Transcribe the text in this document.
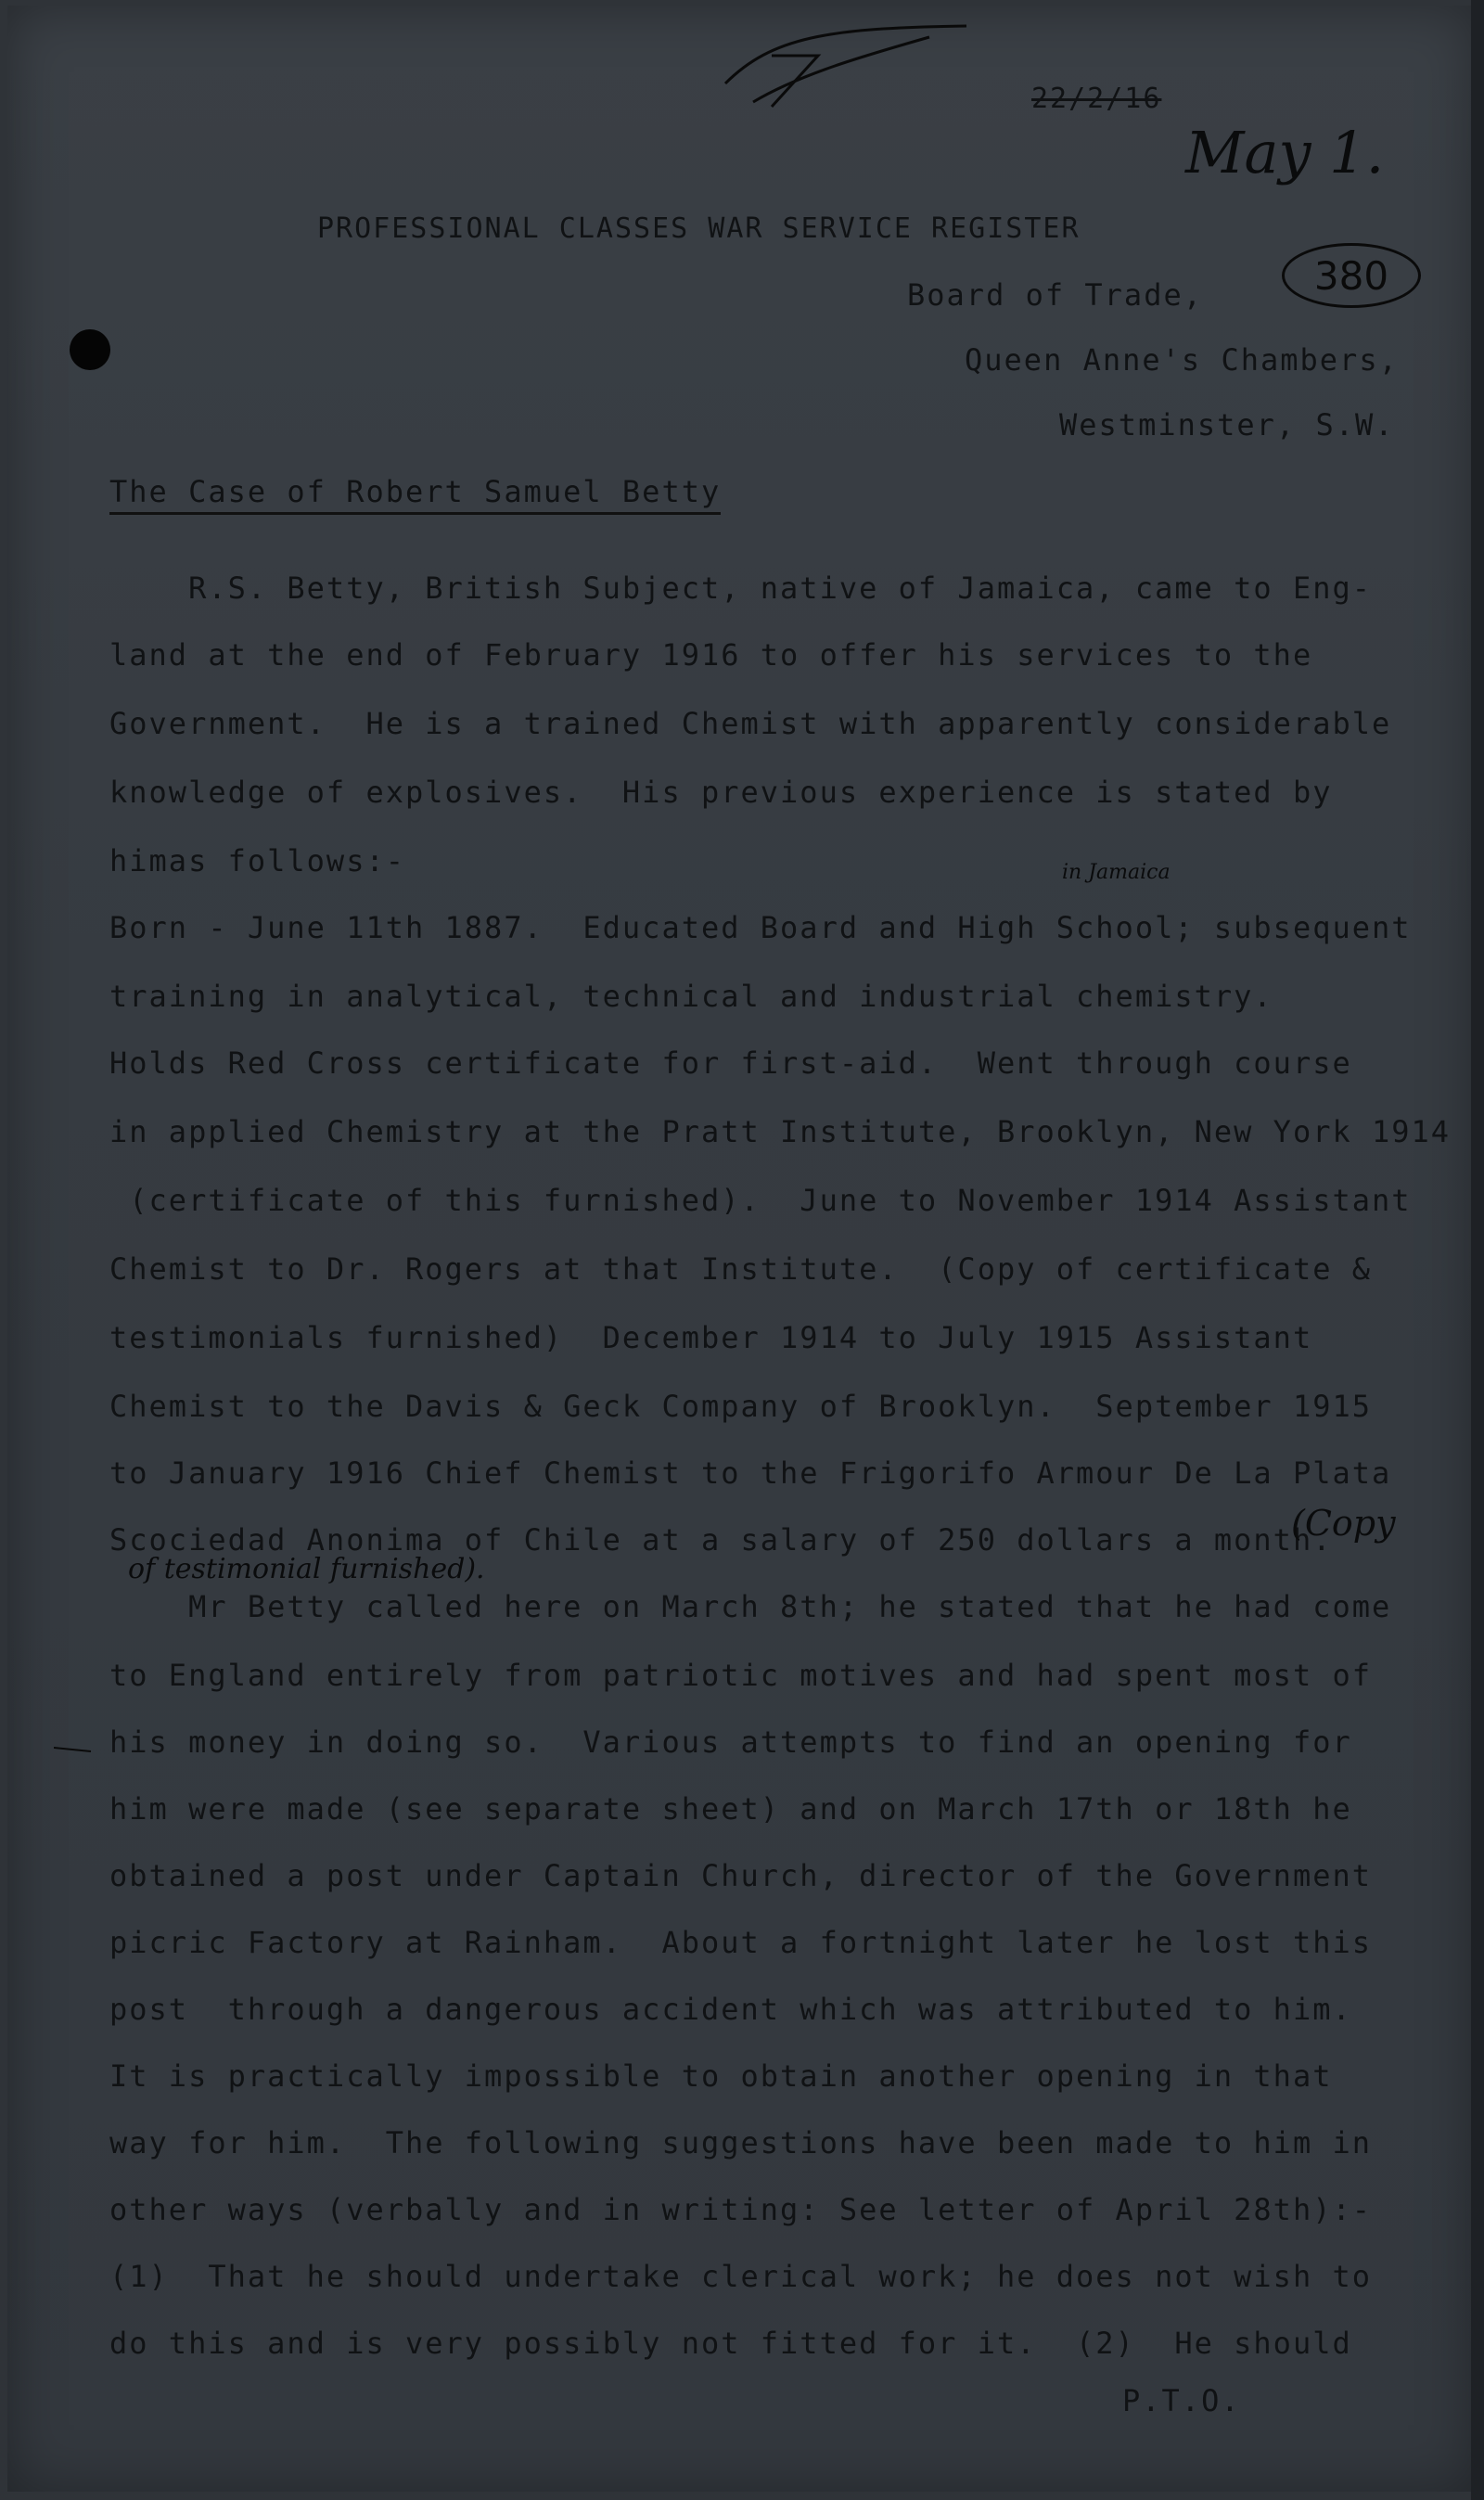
22/2/16
May 1.
380
PROFESSIONAL CLASSES WAR SERVICE REGISTER
Board of Trade,
Queen Anne's Chambers,
Westminster, S.W.
The Case of Robert Samuel Betty
R.S. Betty, British Subject, native of Jamaica, came to Eng-
land at the end of February 1916 to offer his services to the
Government.  He is a trained Chemist with apparently considerable
knowledge of explosives.  His previous experience is stated by
himas follows:-
Born - June 11th 1887.  Educated Board and High School; subsequent
training in analytical, technical and industrial chemistry.
Holds Red Cross certificate for first-aid.  Went through course
in applied Chemistry at the Pratt Institute, Brooklyn, New York 1914
(certificate of this furnished).  June to November 1914 Assistant
Chemist to Dr. Rogers at that Institute.  (Copy of certificate &
testimonials furnished)  December 1914 to July 1915 Assistant
Chemist to the Davis & Geck Company of Brooklyn.  September 1915
to January 1916 Chief Chemist to the Frigorifo Armour De La Plata
Scociedad Anonima of Chile at a salary of 250 dollars a month.
Mr Betty called here on March 8th; he stated that he had come
to England entirely from patriotic motives and had spent most of
his money in doing so.  Various attempts to find an opening for
him were made (see separate sheet) and on March 17th or 18th he
obtained a post under Captain Church, director of the Government
picric Factory at Rainham.  About a fortnight later he lost this
post  through a dangerous accident which was attributed to him.
It is practically impossible to obtain another opening in that
way for him.  The following suggestions have been made to him in
other ways (verbally and in writing: See letter of April 28th):-
(1)  That he should undertake clerical work; he does not wish to
do this and is very possibly not fitted for it.  (2)  He should
in Jamaica
(Copy
of testimonial furnished).
P.T.O.
